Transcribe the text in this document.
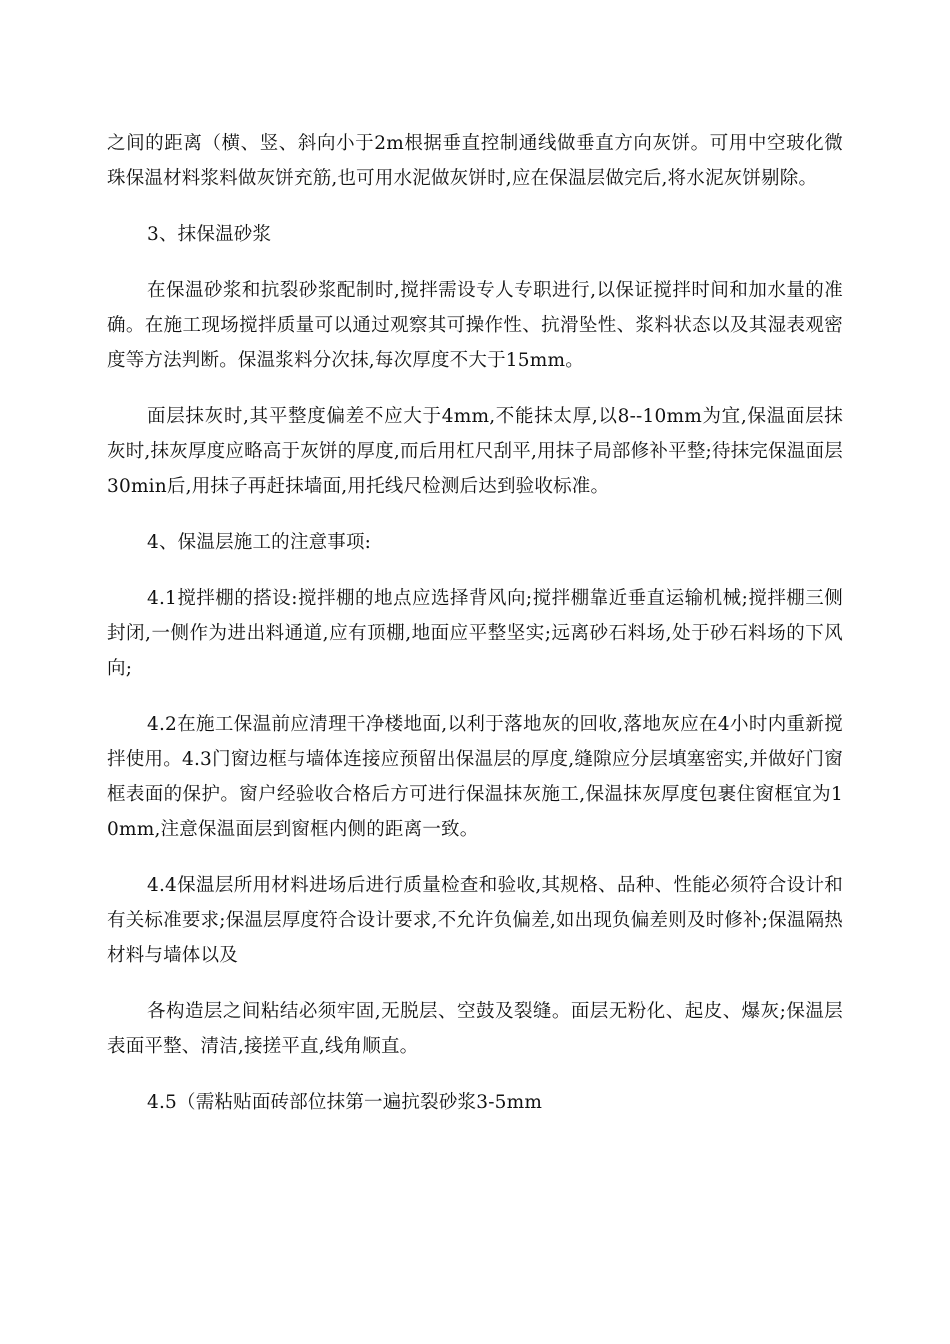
之间的距离（横、竖、斜向小于2m根据垂直控制通线做垂直方向灰饼。可用中空玻化微珠保温材料浆料做灰饼充筋,也可用水泥做灰饼时,应在保温层做完后,将水泥灰饼剔除。

3、抹保温砂浆

在保温砂浆和抗裂砂浆配制时,搅拌需设专人专职进行,以保证搅拌时间和加水量的准确。在施工现场搅拌质量可以通过观察其可操作性、抗滑坠性、浆料状态以及其湿表观密度等方法判断。保温浆料分次抹,每次厚度不大于15mm。

面层抹灰时,其平整度偏差不应大于4mm,不能抹太厚,以8--10mm为宜,保温面层抹灰时,抹灰厚度应略高于灰饼的厚度,而后用杠尺刮平,用抹子局部修补平整;待抹完保温面层30min后,用抹子再赶抹墙面,用托线尺检测后达到验收标准。

4、保温层施工的注意事项:

4.1搅拌棚的搭设:搅拌棚的地点应选择背风向;搅拌棚靠近垂直运输机械;搅拌棚三侧封闭,一侧作为进出料通道,应有顶棚,地面应平整坚实;远离砂石料场,处于砂石料场的下风向;

4.2在施工保温前应清理干净楼地面,以利于落地灰的回收,落地灰应在4小时内重新搅拌使用。4.3门窗边框与墙体连接应预留出保温层的厚度,缝隙应分层填塞密实,并做好门窗框表面的保护。窗户经验收合格后方可进行保温抹灰施工,保温抹灰厚度包裹住窗框宜为10mm,注意保温面层到窗框内侧的距离一致。

4.4保温层所用材料进场后进行质量检查和验收,其规格、品种、性能必须符合设计和有关标准要求;保温层厚度符合设计要求,不允许负偏差,如出现负偏差则及时修补;保温隔热材料与墙体以及

各构造层之间粘结必须牢固,无脱层、空鼓及裂缝。面层无粉化、起皮、爆灰;保温层表面平整、清洁,接搓平直,线角顺直。

4.5（需粘贴面砖部位抹第一遍抗裂砂浆3-5mm
